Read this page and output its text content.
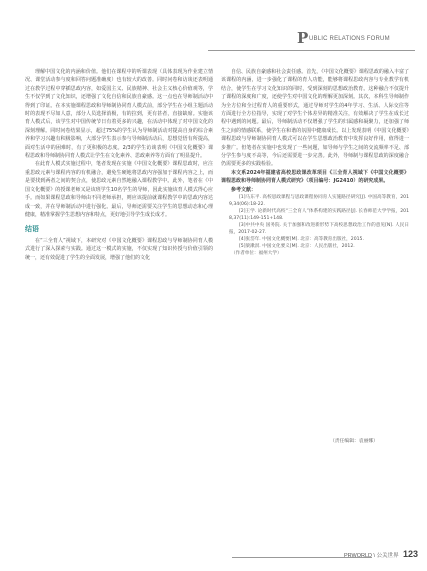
P UBLIC RELATIONS FORUM

理解中国文化的内涵和价值。他们在课程中的听课表现（具体表现为作业建立情况、课堂活动参与度和回答问题准确度）也有较大的改善。同时问卷和访谈还表明通过在教学过程中穿插思政内容，如爱国主义、民族精神、社会主义核心价值观等，学生不仅学到了文化知识，还增强了文化自信和民族自豪感。这一点也在导师制活动中得到了印证。在本实施课程思政和导师制协同育人模式前，部分学生在小组主题活动时的表现不尽如人意，部分人员选择消极，有的拉到，更有甚者，直接缺席。实施该育人模式后，该学生对中国传统节日有着更多的兴趣，在活动中体现了对中国文化的深刻理解。同时问卷结果显示，超过75%的学生认为导师制活动对提高自身的综合素养和学习兴趣有积极影响，大部分学生表示参与导师制活动后，思想觉悟有所提高，面对生活中的困难时，有了更积极的态度。2/3的学生访谈表明《中国文化概要》课程思政和导师制协同育人模式让学生在文化素养、思政素养等方面有了明显提升。

在此育人模式实施过程中，笔者发现在实施《中国文化概要》课程思政时，应注重思政元素与课程内容的有机融合，避免生硬地将思政内容强加于课程内容之上，而是要找到两者之间的契合点，使思政元素自然地融入课程教学中。此外，笔者在《中国文化概要》的授课老师又是该班学生10名学生的导师，因此实施该育人模式得心应手。而如果课程思政和导师由不同老师承担，则应该提前就课程教学中的思政内容达成一致，并在导师制活动中进行强化。最后，导师还需要关注学生的思想动态和心理健康，精准掌握学生思想内容和特点，更好地引导学生成长成才。

结语

在“三全育人”视域下，本研究对《中国文化概要》课程思政与导师制协同育人模式进行了深入探索与实践。通过这一模式的实施，不仅实现了知识传授与价值引领的统一，还有效促进了学生的全面发展，增强了他们的文化

自信、民族自豪感和社会责任感。首先，《中国文化概要》课程思政的融入丰富了该课程的内涵，进一步强化了课程的育人功能，能够将课程思政内容与专业教学有机结合，使学生在学习文化知识的同时，受到深刻的思想政治教育。这种融合不仅提升了课程的深度和广度，还使学生对中国文化的理解更加深刻。其次，本科生导师制作为全方位和全过程育人的重要形式，通过导师对学生的4年学习、生活、人际交往等方面进行全方位指导，实现了对学生个体差异的精准关注，有效解决了学生在成长过程中遇到的问题。最后，导师制活动不仅增强了学生的归属感和凝聚力，还加强了师生之间的情感联系，使学生在和谐的氛围中健康成长。以上发现表明《中国文化概要》课程思政与导师制协同育人模式可以在学生思想政治教育中发挥良好作用，值得进一步推广。但笔者在实施中也发现了一些问题，如导师与学生之间的交流频率不足、部分学生参与度不高等，今后还需要进一步完善。此外，导师制与课程思政的深度融合仍需要更多的实践检验。

本文系2024年福建省高校思政课改革项目《三全育人视域下《中国文化概要》课程思政和导师制协同育人模式研究》（项目编号：JG2410）的研究成果。

参考文献：

[1]马东平. 高校思政课程与思政课程协同育人实施路径研究[J]. 中国高等教育，2019,34(06):18-22.

[2]王学. 论新时代高校“三全育人”体系构建的实践路径[J]. 长春师范大学学报，2018,37(11):149-151+148.

[3]中共中央 国务院. 关于加强和改进新形势下高校思想政治工作的意见[N]. 人民日报，2017-02-27.

[4]张岱年. 中国文化概要[M]. 北京：高等教育出版社，2015.

[5]梁漱溟. 中国文化要义[M]. 北京：人民出版社，2012.

（作者单位：福州大学）

（责任编辑：袁丽娜）
PRWORLD \ 公关世界 123
